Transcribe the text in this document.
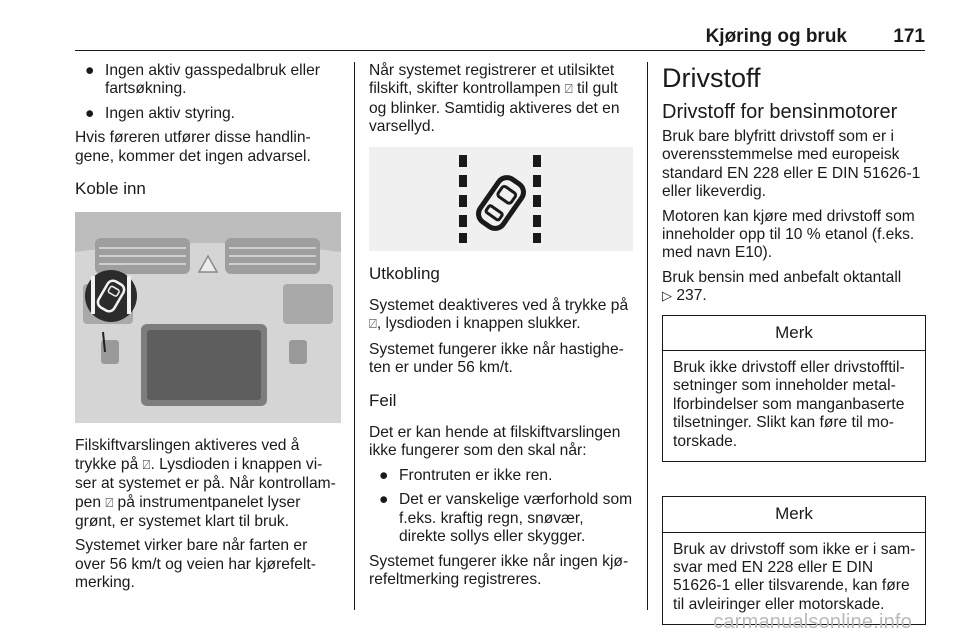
Kjøring og bruk 171
● Ingen aktiv gasspedalbruk eller fartsøkning.
● Ingen aktiv styring.

Hvis føreren utfører disse handlin-gene, kommer det ingen advarsel.

Koble inn

Filskiftvarslingen aktiveres ved å trykke på ⍁. Lysdioden i knappen vi-ser at systemet er på. Når kontrollam-pen ⍁ på instrumentpanelet lyser grønt, er systemet klart til bruk.

Systemet virker bare når farten er over 56 km/t og veien har kjørefelt-merking.

Når systemet registrerer et utilsiktet filskift, skifter kontrollampen ⍁ til gult og blinker. Samtidig aktiveres det en varsellyd.

Utkobling

Systemet deaktiveres ved å trykke på ⍁, lysdioden i knappen slukker.

Systemet fungerer ikke når hastighe-ten er under 56 km/t.

Feil

Det er kan hende at filskiftvarslingen ikke fungerer som den skal når:

● Frontruten er ikke ren.
● Det er vanskelige værforhold som f.eks. kraftig regn, snøvær, direkte sollys eller skygger.

Systemet fungerer ikke når ingen kjø-refeltmerking registreres.

Drivstoff
Drivstoff for bensinmotorer

Bruk bare blyfritt drivstoff som er i overensstemmelse med europeisk standard EN 228 eller E DIN 51626-1 eller likeverdig.

Motoren kan kjøre med drivstoff som inneholder opp til 10 % etanol (f.eks. med navn E10).

Bruk bensin med anbefalt oktantall
▷ 237.

Merk
Bruk ikke drivstoff eller drivstofftil-setninger som inneholder metal-lforbindelser som manganbaserte tilsetninger. Slikt kan føre til mo-torskade.
Merk
Bruk av drivstoff som ikke er i sam-svar med EN 228 eller E DIN 51626-1 eller tilsvarende, kan føre til avleiringer eller motorskade.
carmanualsonline.info
